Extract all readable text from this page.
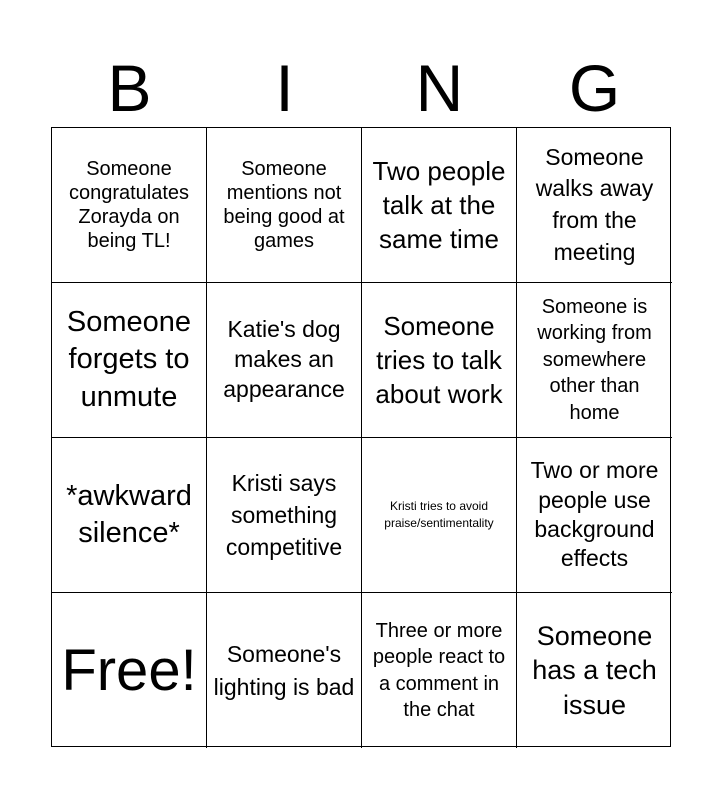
B	I	N	G
Someone congratulates Zorayda on being TL!
Someone mentions not being good at games
Two people talk at the same time
Someone walks away from the meeting
Someone forgets to unmute
Katie's dog makes an appearance
Someone tries to talk about work
Someone is working from somewhere other than home
*awkward silence*
Kristi says something competitive
Kristi tries to avoid praise/sentimentality
Two or more people use background effects
Free!	Someone's lighting is bad
Three or more people react to a comment in the chat
Someone has a tech issue
